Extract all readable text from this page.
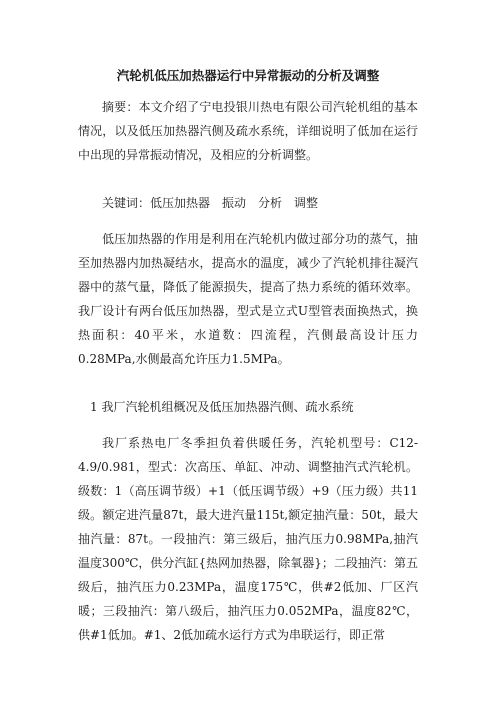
汽轮机低压加热器运行中异常振动的分析及调整

摘要：本文介绍了宁电投银川热电有限公司汽轮机组的基本情况，以及低压加热器汽侧及疏水系统，详细说明了低加在运行中出现的异常振动情况，及相应的分析调整。

关键词：低压加热器　振动　分析　调整

低压加热器的作用是利用在汽轮机内做过部分功的蒸气，抽至加热器内加热凝结水，提高水的温度，减少了汽轮机排往凝汽器中的蒸气量，降低了能源损失，提高了热力系统的循环效率。我厂设计有两台低压加热器，型式是立式U型管表面换热式，换热面积：40平米，水道数：四流程，汽侧最高设计压力0.28MPa,水侧最高允许压力1.5MPa。

1 我厂汽轮机组概况及低压加热器汽侧、疏水系统

我厂系热电厂冬季担负着供暖任务，汽轮机型号：C12-4.9/0.981，型式：次高压、单缸、冲动、调整抽汽式汽轮机。级数：1（高压调节级）+1（低压调节级）+9（压力级）共11级。额定进汽量87t，最大进汽量115t,额定抽汽量：50t，最大抽汽量：87t。一段抽汽：第三级后，抽汽压力0.98MPa,抽汽温度300℃，供分汽缸{热网加热器，除氧器}；二段抽汽：第五级后，抽汽压力0.23MPa，温度175℃，供#2低加、厂区汽暖；三段抽汽：第八级后，抽汽压力0.052MPa，温度82℃，供#1低加。#1、2低加疏水运行方式为串联运行，即正常
